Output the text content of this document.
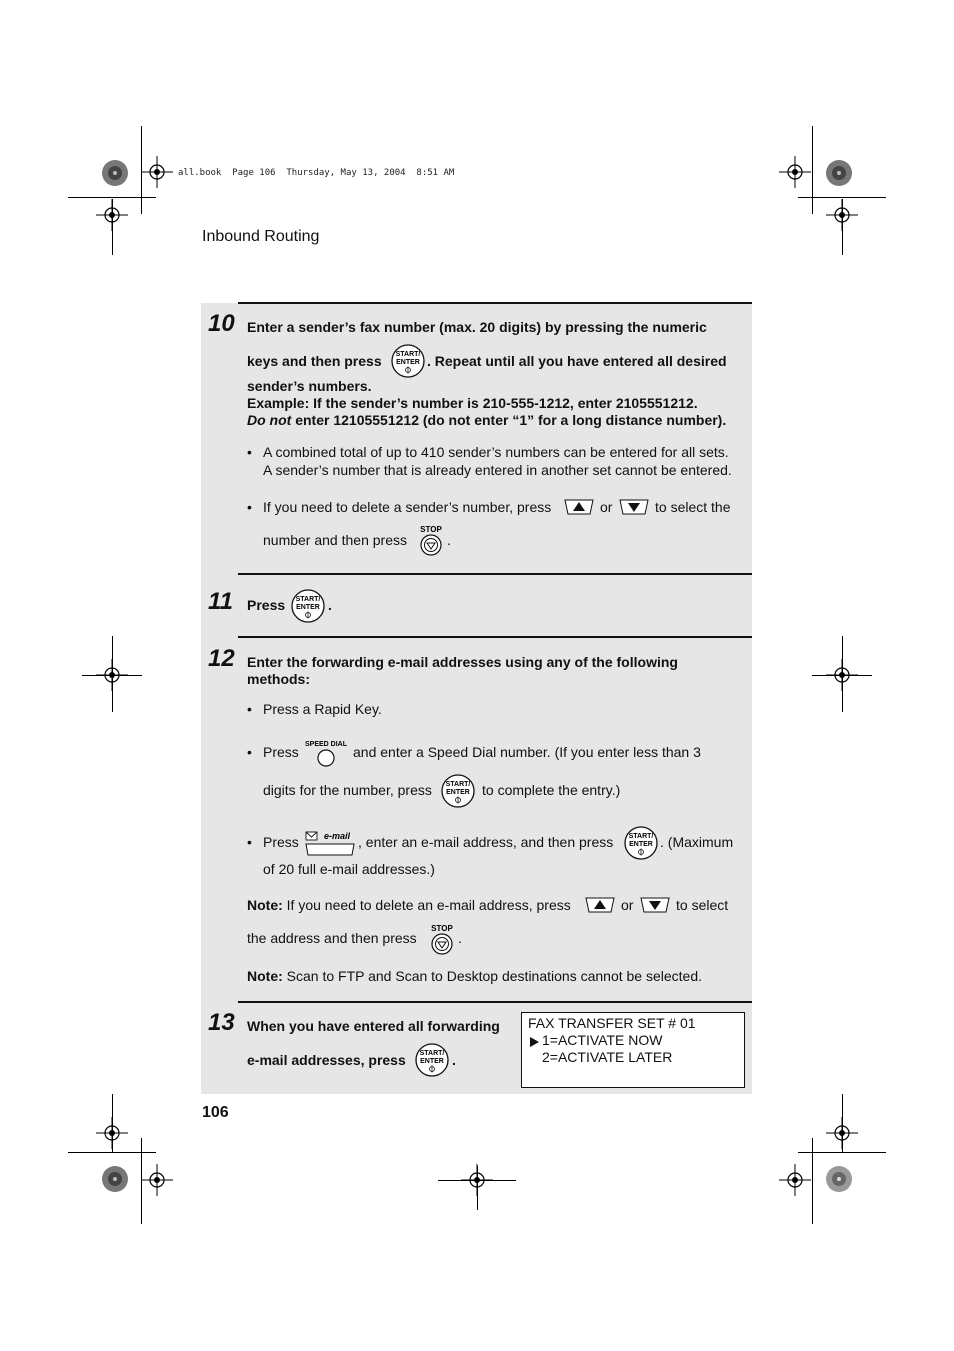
all.book  Page 106  Thursday, May 13, 2004  8:51 AM
Inbound Routing
10 Enter a sender’s fax number (max. 20 digits) by pressing the numeric
keys and then press START/
ENTER . Repeat until all you have entered all desired
sender’s numbers.
Example: If the sender’s number is 210-555-1212, enter 2105551212.
Do not enter 12105551212 (do not enter “1” for a long distance number).
• A combined total of up to 410 sender’s numbers can be entered for all sets.
A sender’s number that is already entered in another set cannot be entered.
• If you need to delete a sender’s number, press	or	to select the
number and then press
STOP
.
11 Press START/
ENTER .
12 Enter the forwarding e-mail addresses using any of the following
methods:
• Press a Rapid Key.
• Press SPEED DIAL and enter a Speed Dial number. (If you enter less than 3
digits for the number, press START/
ENTER to complete the entry.)
• Press	e-mail , enter an e-mail address, and then press START/
ENTER . (Maximum
of 20 full e-mail addresses.)
Note: If you need to delete an e-mail address, press	or	to select
the address and then press
STOP
.
Note: Scan to FTP and Scan to Desktop destinations cannot be selected.
13 When you have entered all forwarding
e-mail addresses, press START/
ENTER .
FAX TRANSFER SET # 01
1=ACTIVATE NOW
2=ACTIVATE LATER
106
